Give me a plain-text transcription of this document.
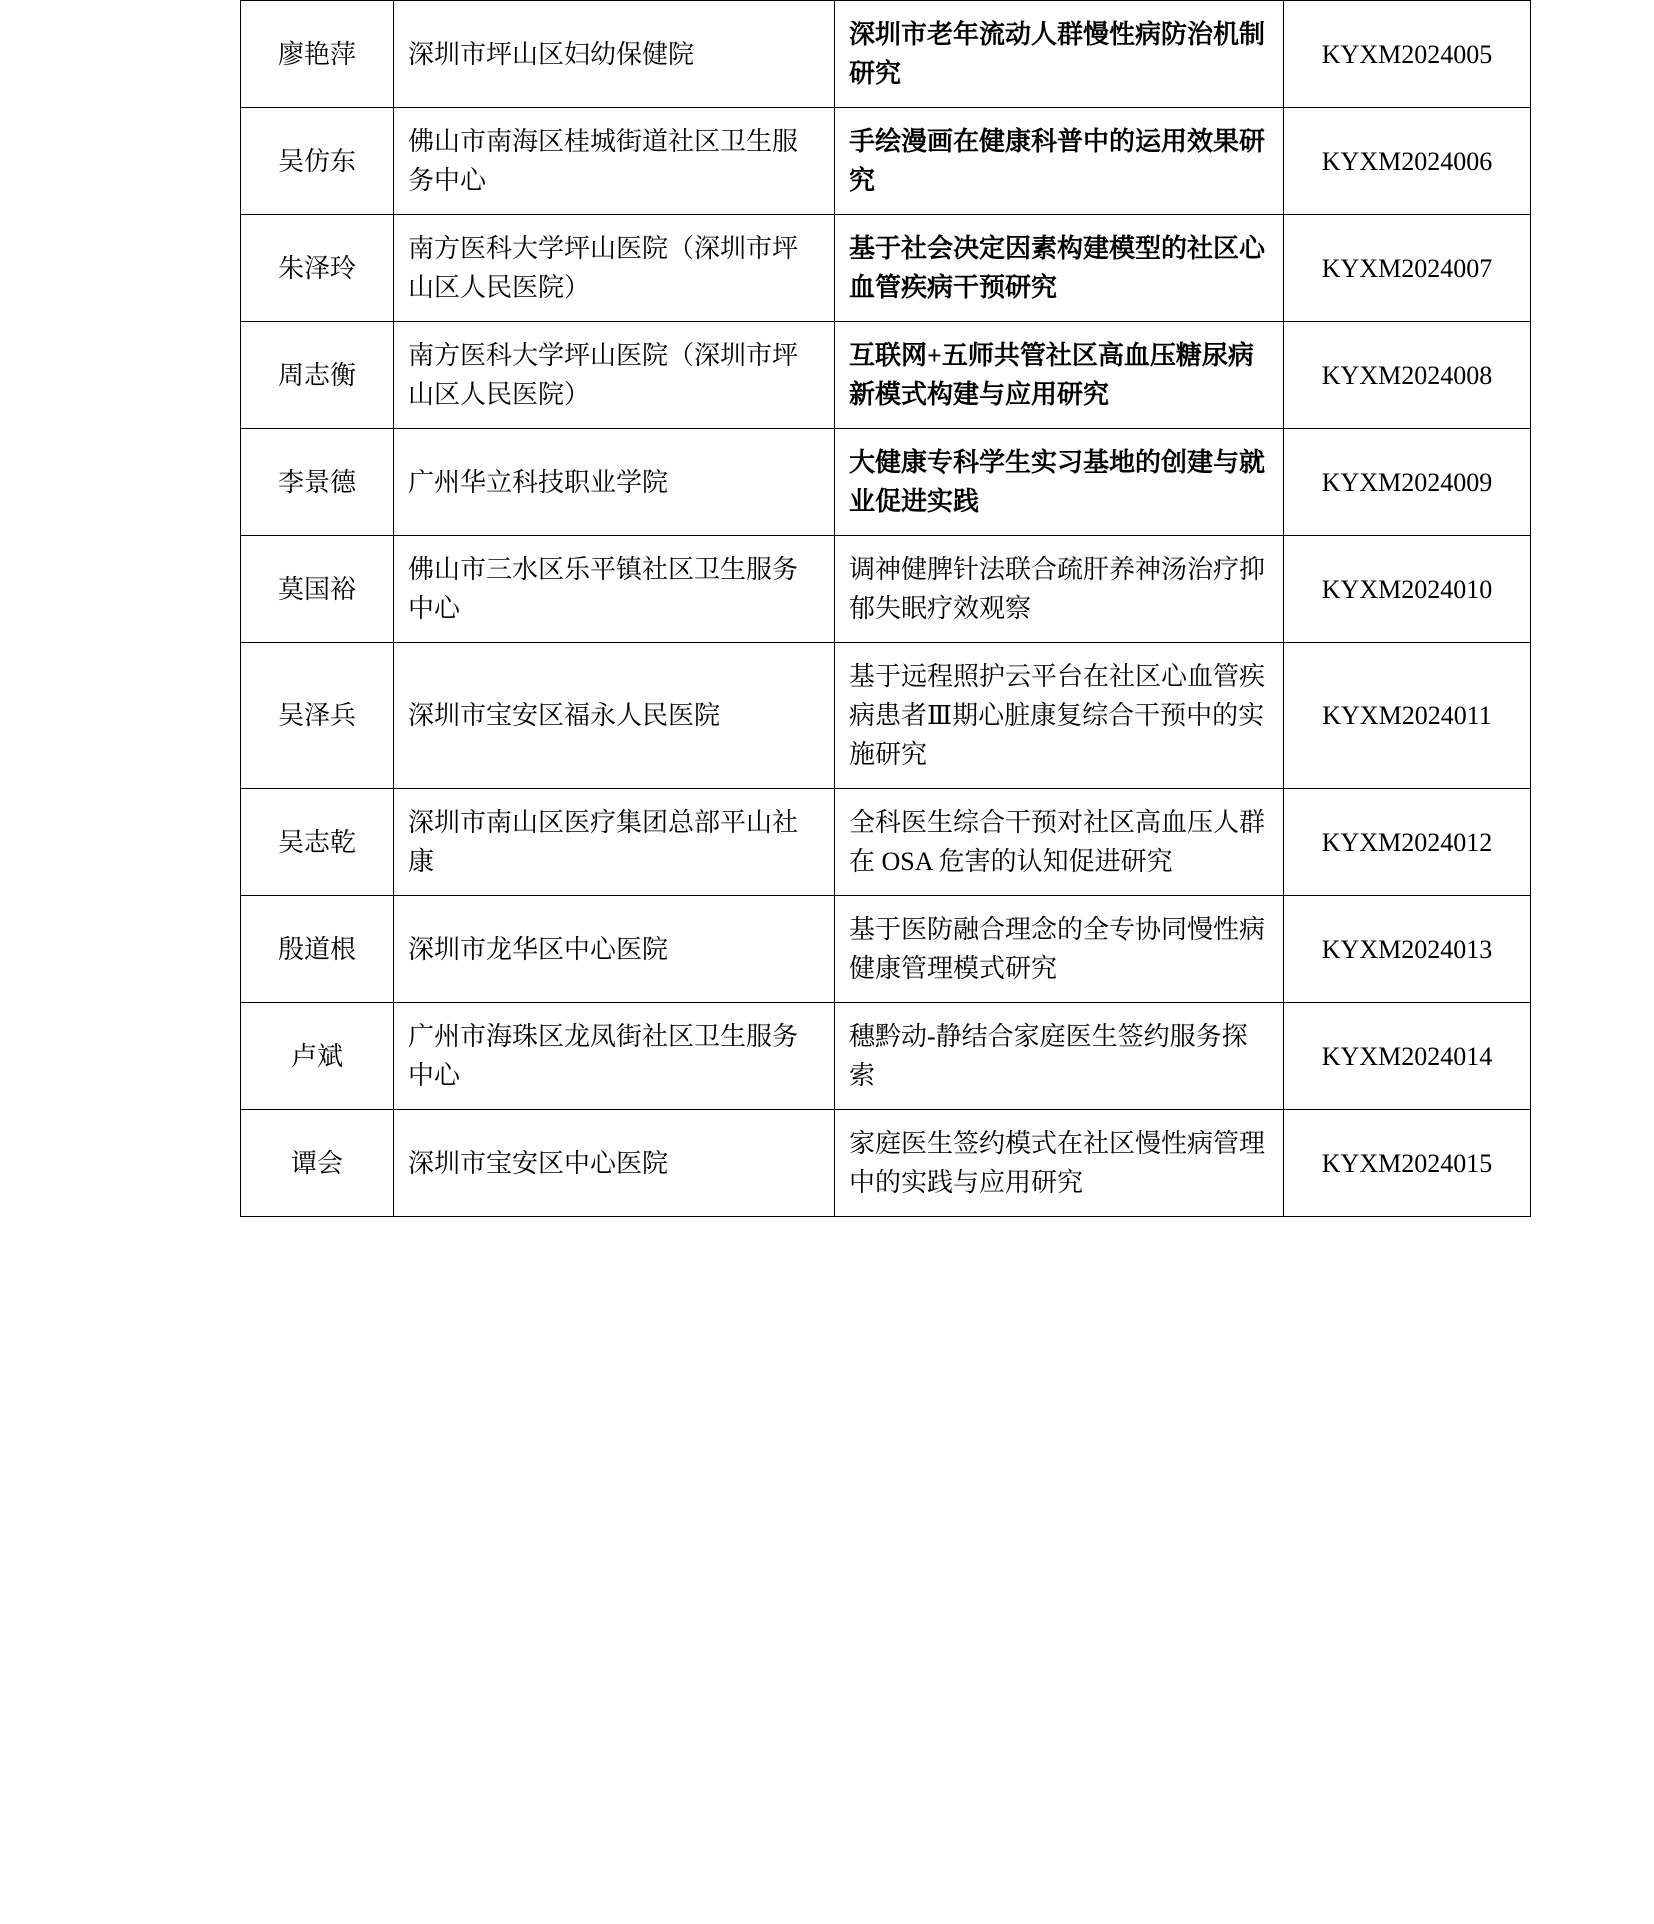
廖艳萍	深圳市坪山区妇幼保健院	深圳市老年流动人群慢性病防治机制研究	KYXM2024005
吴仿东	佛山市南海区桂城街道社区卫生服务中心	手绘漫画在健康科普中的运用效果研究	KYXM2024006
朱泽玲	南方医科大学坪山医院（深圳市坪山区人民医院）	基于社会决定因素构建模型的社区心血管疾病干预研究	KYXM2024007
周志衡	南方医科大学坪山医院（深圳市坪山区人民医院）	互联网+五师共管社区高血压糖尿病新模式构建与应用研究	KYXM2024008
李景德	广州华立科技职业学院	大健康专科学生实习基地的创建与就业促进实践	KYXM2024009
莫国裕	佛山市三水区乐平镇社区卫生服务中心	调神健脾针法联合疏肝养神汤治疗抑郁失眠疗效观察	KYXM2024010
吴泽兵	深圳市宝安区福永人民医院	基于远程照护云平台在社区心血管疾病患者Ⅲ期心脏康复综合干预中的实施研究	KYXM2024011
吴志乾	深圳市南山区医疗集团总部平山社康	全科医生综合干预对社区高血压人群在 OSA 危害的认知促进研究	KYXM2024012
殷道根	深圳市龙华区中心医院	基于医防融合理念的全专协同慢性病健康管理模式研究	KYXM2024013
卢斌	广州市海珠区龙凤街社区卫生服务中心	穗黔动-静结合家庭医生签约服务探索	KYXM2024014
谭会	深圳市宝安区中心医院	家庭医生签约模式在社区慢性病管理中的实践与应用研究	KYXM2024015
